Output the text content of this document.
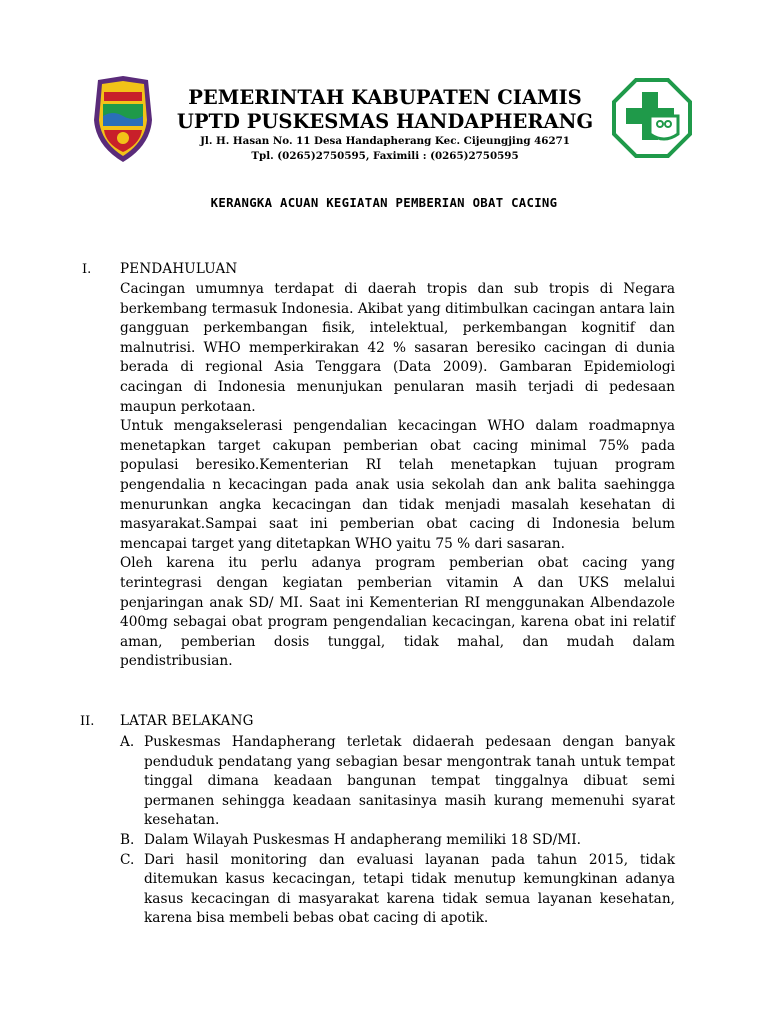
PEMERINTAH KABUPATEN CIAMIS
UPTD PUSKESMAS HANDAPHERANG
Jl. H. Hasan No. 11 Desa Handapherang Kec. Cijeungjing 46271
Tpl. (0265)2750595, Faximili : (0265)2750595
KERANGKA ACUAN KEGIATAN PEMBERIAN OBAT CACING
I. PENDAHULUAN

Cacingan umumnya terdapat di daerah tropis dan sub tropis di Negara berkembang termasuk Indonesia. Akibat yang ditimbulkan cacingan antara lain gangguan perkembangan fisik, intelektual, perkembangan kognitif dan malnutrisi. WHO memperkirakan 42 % sasaran beresiko cacingan di dunia berada di regional Asia Tenggara (Data 2009). Gambaran Epidemiologi cacingan di Indonesia menunjukan penularan masih terjadi di pedesaan maupun perkotaan.

Untuk mengakselerasi pengendalian kecacingan WHO dalam roadmapnya menetapkan target cakupan pemberian obat cacing minimal 75% pada populasi beresiko.Kementerian RI telah menetapkan tujuan program pengendalia n kecacingan pada anak usia sekolah dan ank balita saehingga menurunkan angka kecacingan dan tidak menjadi masalah kesehatan di masyarakat.Sampai saat ini pemberian obat cacing di Indonesia belum mencapai target yang ditetapkan WHO yaitu 75 % dari sasaran.

Oleh karena itu perlu adanya program pemberian obat cacing yang terintegrasi dengan kegiatan pemberian vitamin A dan UKS melalui penjaringan anak SD/ MI. Saat ini Kementerian RI menggunakan Albendazole 400mg sebagai obat program pengendalian kecacingan, karena obat ini relatif aman, pemberian dosis tunggal, tidak mahal, dan mudah dalam pendistribusian.

II. LATAR BELAKANG
A. Puskesmas Handapherang terletak didaerah pedesaan dengan banyak penduduk pendatang yang sebagian besar mengontrak tanah untuk tempat tinggal dimana keadaan bangunan tempat tinggalnya dibuat semi permanen sehingga keadaan sanitasinya masih kurang memenuhi syarat kesehatan.
B. Dalam Wilayah Puskesmas H andapherang memiliki 18 SD/MI.
C. Dari hasil monitoring dan evaluasi layanan pada tahun 2015, tidak ditemukan kasus kecacingan, tetapi tidak menutup kemungkinan adanya kasus kecacingan di masyarakat karena tidak semua layanan kesehatan, karena bisa membeli bebas obat cacing di apotik.
